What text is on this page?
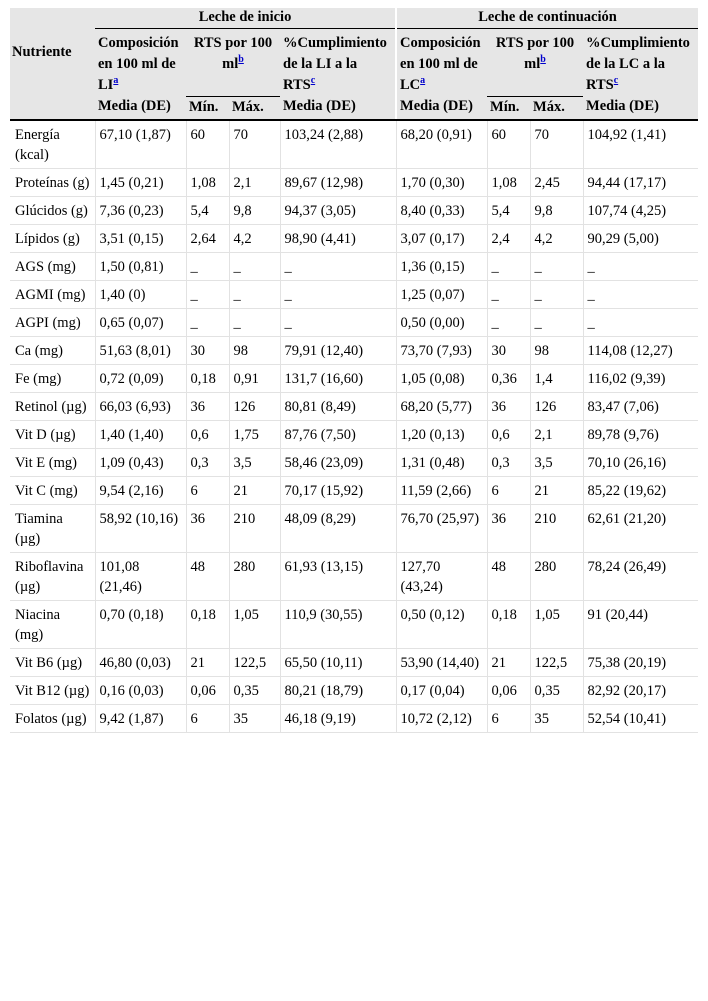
Nutriente	Leche de inicio				Leche de continuación			
	Composición en 100 ml de $LI^a$	RTS por 100 $ml^b$		%Cumplimiento de la LI a la RTS$^c$	Composición en 100 ml de $LC^a$	RTS por 100 $ml^b$		%Cumplimiento de la LC a la RTS$^c$
	Media (DE)	Mín.	Máx.	Media (DE)	Media (DE)	Mín.	Máx.	Media (DE)
Energía (kcal)	67,10 (1,87)	60	70	103,24 (2,88)	68,20 (0,91)	60	70	104,92 (1,41)
Proteínas (g)	1,45 (0,21)	1,08	2,1	89,67 (12,98)	1,70 (0,30)	1,08	2,45	94,44 (17,17)
Glúcidos (g)	7,36 (0,23)	5,4	9,8	94,37 (3,05)	8,40 (0,33)	5,4	9,8	107,74 (4,25)
Lípidos (g)	3,51 (0,15)	2,64	4,2	98,90 (4,41)	3,07 (0,17)	2,4	4,2	90,29 (5,00)
AGS (mg)	1,50 (0,81)	_	_	_	1,36 (0,15)	_	_	_
AGMI (mg)	1,40 (0)	_	_	_	1,25 (0,07)	_	_	_
AGPI (mg)	0,65 (0,07)	_	_	_	0,50 (0,00)	_	_	_
Ca (mg)	51,63 (8,01)	30	98	79,91 (12,40)	73,70 (7,93)	30	98	114,08 (12,27)
Fe (mg)	0,72 (0,09)	0,18	0,91	131,7 (16,60)	1,05 (0,08)	0,36	1,4	116,02 (9,39)
Retinol (µg)	66,03 (6,93)	36	126	80,81 (8,49)	68,20 (5,77)	36	126	83,47 (7,06)
Vit D (µg)	1,40 (1,40)	0,6	1,75	87,76 (7,50)	1,20 (0,13)	0,6	2,1	89,78 (9,76)
Vit E (mg)	1,09 (0,43)	0,3	3,5	58,46 (23,09)	1,31 (0,48)	0,3	3,5	70,10 (26,16)
Vit C (mg)	9,54 (2,16)	6	21	70,17 (15,92)	11,59 (2,66)	6	21	85,22 (19,62)
Tiamina (µg)	58,92 (10,16)	36	210	48,09 (8,29)	76,70 (25,97)	36	210	62,61 (21,20)
Riboflavina (µg)	101,08 (21,46)	48	280	61,93 (13,15)	127,70 (43,24)	48	280	78,24 (26,49)
Niacina (mg)	0,70 (0,18)	0,18	1,05	110,9 (30,55)	0,50 (0,12)	0,18	1,05	91 (20,44)
Vit B6 (µg)	46,80 (0,03)	21	122,5	65,50 (10,11)	53,90 (14,40)	21	122,5	75,38 (20,19)
Vit B12 (µg)	0,16 (0,03)	0,06	0,35	80,21 (18,79)	0,17 (0,04)	0,06	0,35	82,92 (20,17)
Folatos (µg)	9,42 (1,87)	6	35	46,18 (9,19)	10,72 (2,12)	6	35	52,54 (10,41)
